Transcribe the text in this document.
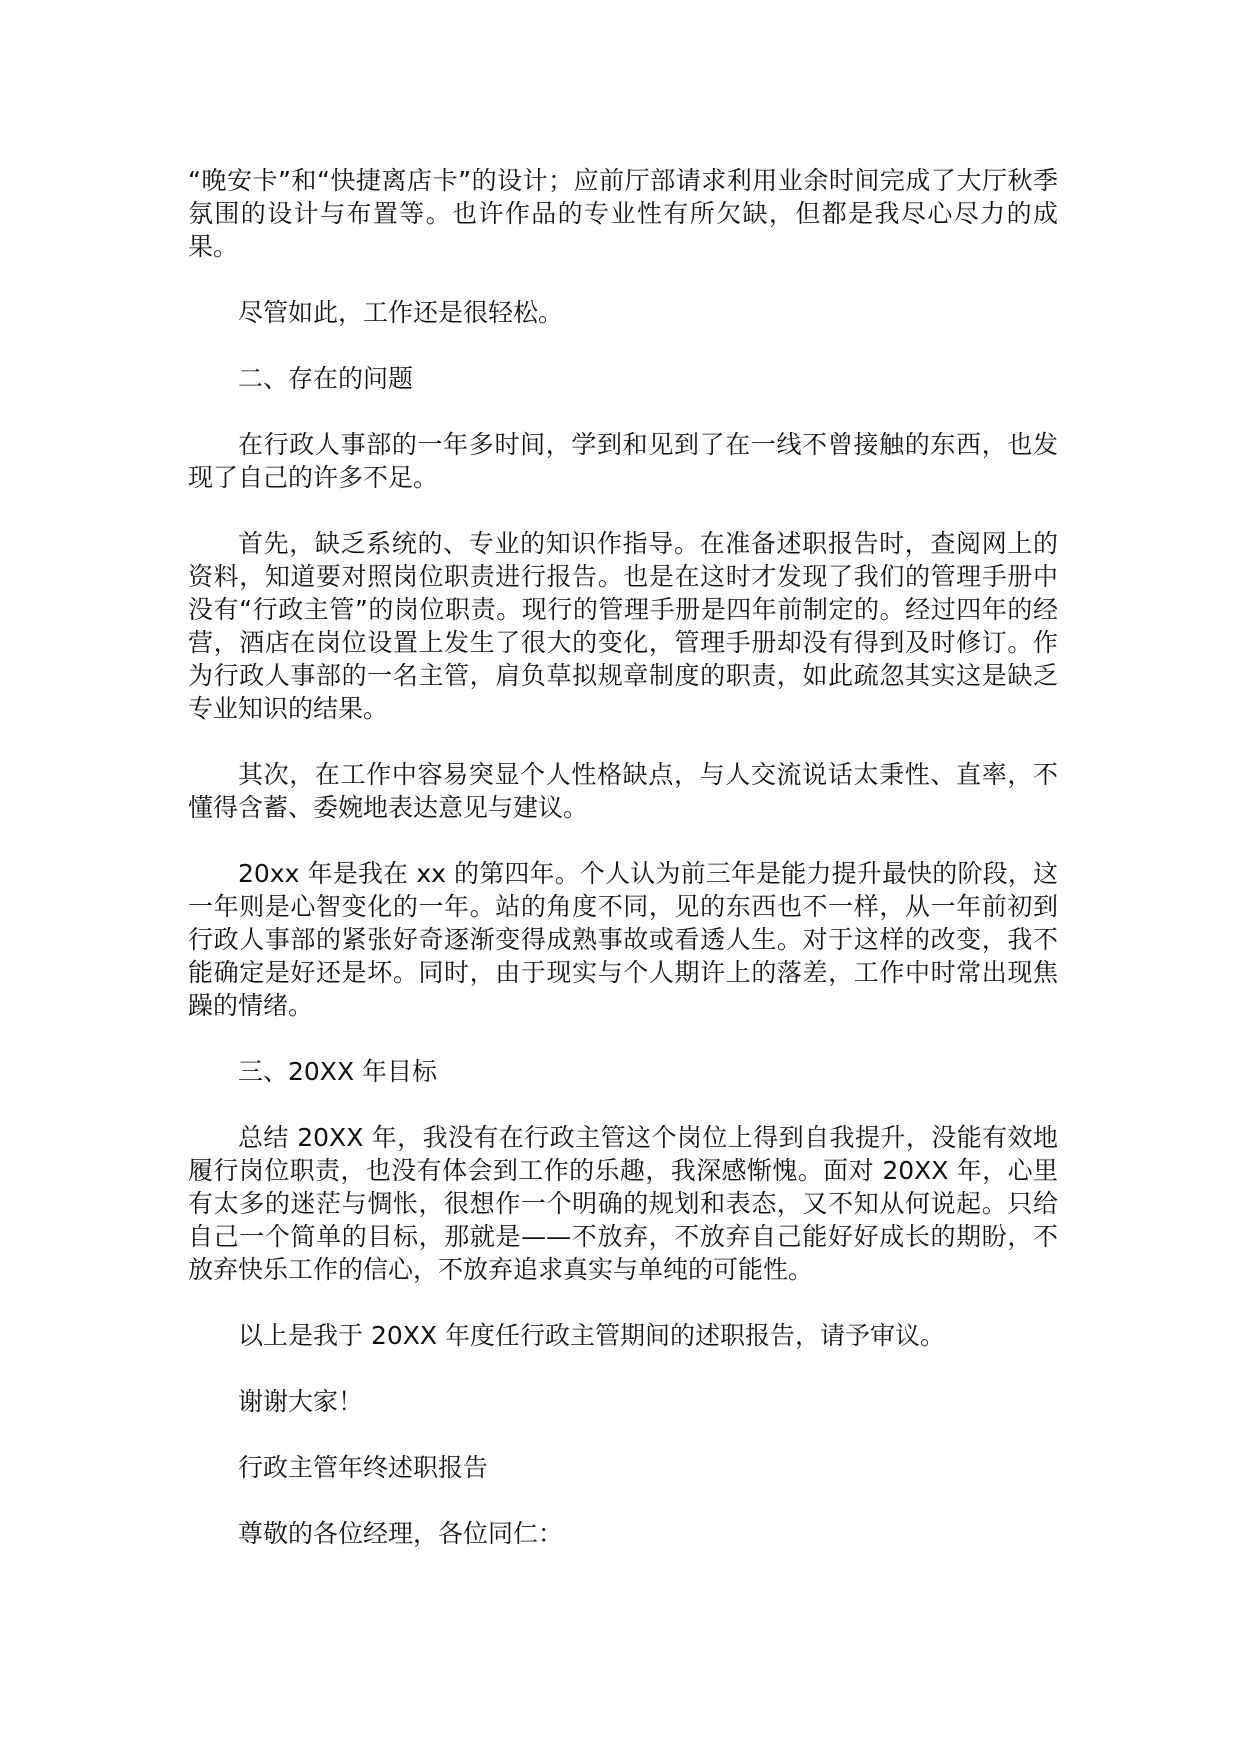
“晚安卡”和“快捷离店卡”的设计；应前厅部请求利用业余时间完成了大厅秋季氛围的设计与布置等。也许作品的专业性有所欠缺，但都是我尽心尽力的成果。

尽管如此，工作还是很轻松。

二、存在的问题

在行政人事部的一年多时间，学到和见到了在一线不曾接触的东西，也发现了自己的许多不足。

首先，缺乏系统的、专业的知识作指导。在准备述职报告时，查阅网上的资料，知道要对照岗位职责进行报告。也是在这时才发现了我们的管理手册中没有“行政主管”的岗位职责。现行的管理手册是四年前制定的。经过四年的经营，酒店在岗位设置上发生了很大的变化，管理手册却没有得到及时修订。作为行政人事部的一名主管，肩负草拟规章制度的职责，如此疏忽其实这是缺乏专业知识的结果。

其次，在工作中容易突显个人性格缺点，与人交流说话太秉性、直率，不懂得含蓄、委婉地表达意见与建议。

20xx 年是我在 xx 的第四年。个人认为前三年是能力提升最快的阶段，这一年则是心智变化的一年。站的角度不同，见的东西也不一样，从一年前初到行政人事部的紧张好奇逐渐变得成熟事故或看透人生。对于这样的改变，我不能确定是好还是坏。同时，由于现实与个人期许上的落差，工作中时常出现焦躁的情绪。

三、20XX 年目标

总结 20XX 年，我没有在行政主管这个岗位上得到自我提升，没能有效地履行岗位职责，也没有体会到工作的乐趣，我深感惭愧。面对 20XX 年，心里有太多的迷茫与惆怅，很想作一个明确的规划和表态，又不知从何说起。只给自己一个简单的目标，那就是——不放弃，不放弃自己能好好成长的期盼，不放弃快乐工作的信心，不放弃追求真实与单纯的可能性。

以上是我于 20XX 年度任行政主管期间的述职报告，请予审议。

谢谢大家！

行政主管年终述职报告

尊敬的各位经理，各位同仁：
